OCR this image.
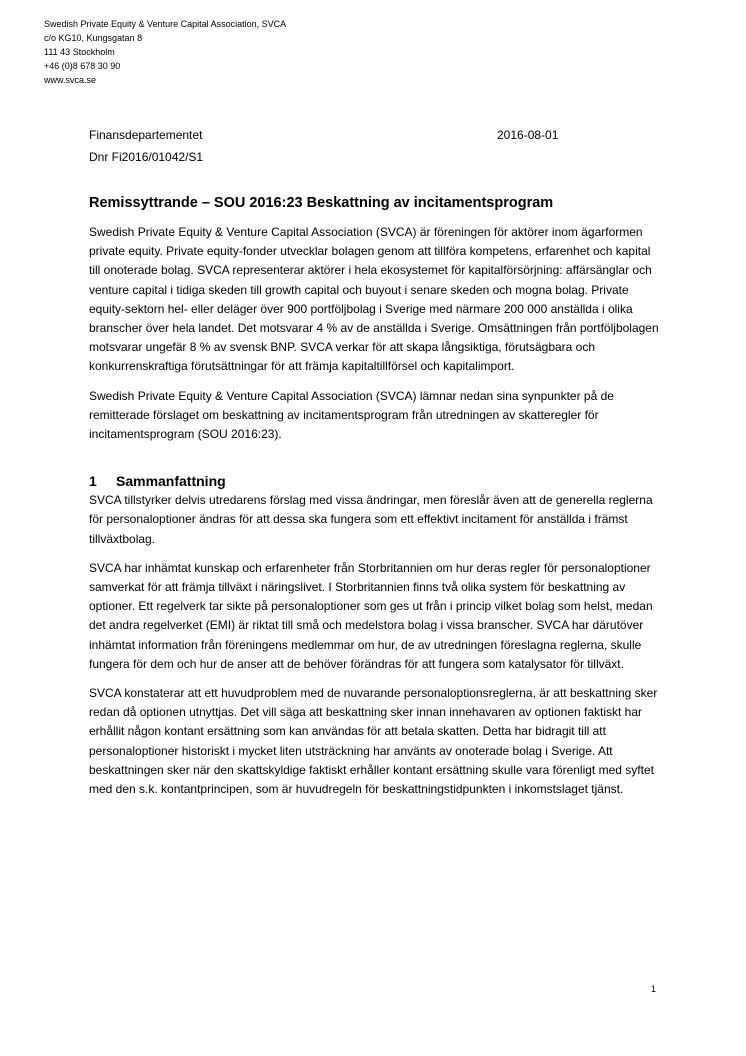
Swedish Private Equity & Venture Capital Association, SVCA
c/o KG10, Kungsgatan 8
111 43 Stockholm
+46 (0)8 678 30 90
www.svca.se
Finansdepartementet
Dnr Fi2016/01042/S1
2016-08-01
Remissyttrande – SOU 2016:23 Beskattning av incitamentsprogram

Swedish Private Equity & Venture Capital Association (SVCA) är föreningen för aktörer inom ägarformen private equity. Private equity-fonder utvecklar bolagen genom att tillföra kompetens, erfarenhet och kapital till onoterade bolag. SVCA representerar aktörer i hela ekosystemet för kapitalförsörjning: affärsänglar och venture capital i tidiga skeden till growth capital och buyout i senare skeden och mogna bolag. Private equity-sektorn hel- eller deläger över 900 portföljbolag i Sverige med närmare 200 000 anställda i olika branscher över hela landet. Det motsvarar 4 % av de anställda i Sverige. Omsättningen från portföljbolagen motsvarar ungefär 8 % av svensk BNP. SVCA verkar för att skapa långsiktiga, förutsägbara och konkurrenskraftiga förutsättningar för att främja kapitaltillförsel och kapitalimport.

Swedish Private Equity & Venture Capital Association (SVCA) lämnar nedan sina synpunkter på de remitterade förslaget om beskattning av incitamentsprogram från utredningen av skatteregler för incitamentsprogram (SOU 2016:23).

1 Sammanfattning

SVCA tillstyrker delvis utredarens förslag med vissa ändringar, men föreslår även att de generella reglerna för personaloptioner ändras för att dessa ska fungera som ett effektivt incitament för anställda i främst tillväxtbolag.

SVCA har inhämtat kunskap och erfarenheter från Storbritannien om hur deras regler för personaloptioner samverkat för att främja tillväxt i näringslivet. I Storbritannien finns två olika system för beskattning av optioner. Ett regelverk tar sikte på personaloptioner som ges ut från i princip vilket bolag som helst, medan det andra regelverket (EMI) är riktat till små och medelstora bolag i vissa branscher. SVCA har därutöver inhämtat information från föreningens medlemmar om hur, de av utredningen föreslagna reglerna, skulle fungera för dem och hur de anser att de behöver förändras för att fungera som katalysator för tillväxt.

SVCA konstaterar att ett huvudproblem med de nuvarande personaloptionsreglerna, är att beskattning sker redan då optionen utnyttjas. Det vill säga att beskattning sker innan innehavaren av optionen faktiskt har erhållit någon kontant ersättning som kan användas för att betala skatten. Detta har bidragit till att personaloptioner historiskt i mycket liten utsträckning har använts av onoterade bolag i Sverige. Att beskattningen sker när den skattskyldige faktiskt erhåller kontant ersättning skulle vara förenligt med syftet med den s.k. kontantprincipen, som är huvudregeln för beskattningstidpunkten i inkomstslaget tjänst.

1
